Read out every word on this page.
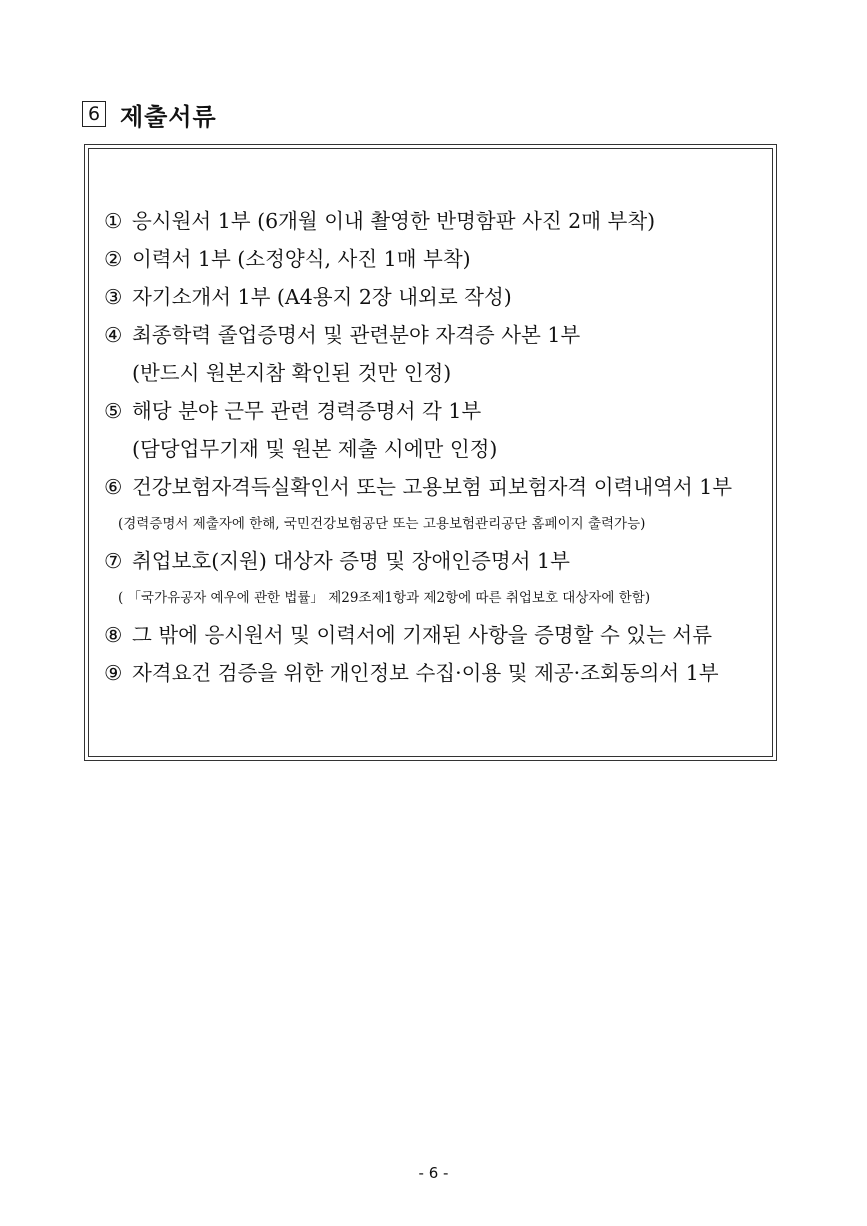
6 제출서류
① 응시원서 1부 (6개월 이내 촬영한 반명함판 사진 2매 부착)
② 이력서 1부 (소정양식, 사진 1매 부착)
③ 자기소개서 1부 (A4용지 2장 내외로 작성)
④ 최종학력 졸업증명서 및 관련분야 자격증 사본 1부
(반드시 원본지참 확인된 것만 인정)
⑤ 해당 분야 근무 관련 경력증명서 각 1부
(담당업무기재 및 원본 제출 시에만 인정)
⑥ 건강보험자격득실확인서 또는 고용보험 피보험자격 이력내역서 1부
(경력증명서 제출자에 한해, 국민건강보험공단 또는 고용보험관리공단 홈페이지 출력가능)
⑦ 취업보호(지원) 대상자 증명 및 장애인증명서 1부
( 「국가유공자 예우에 관한 법률」 제29조제1항과 제2항에 따른 취업보호 대상자에 한함)
⑧ 그 밖에 응시원서 및 이력서에 기재된 사항을 증명할 수 있는 서류
⑨ 자격요건 검증을 위한 개인정보 수집·이용 및 제공·조회동의서 1부
- 6 -
